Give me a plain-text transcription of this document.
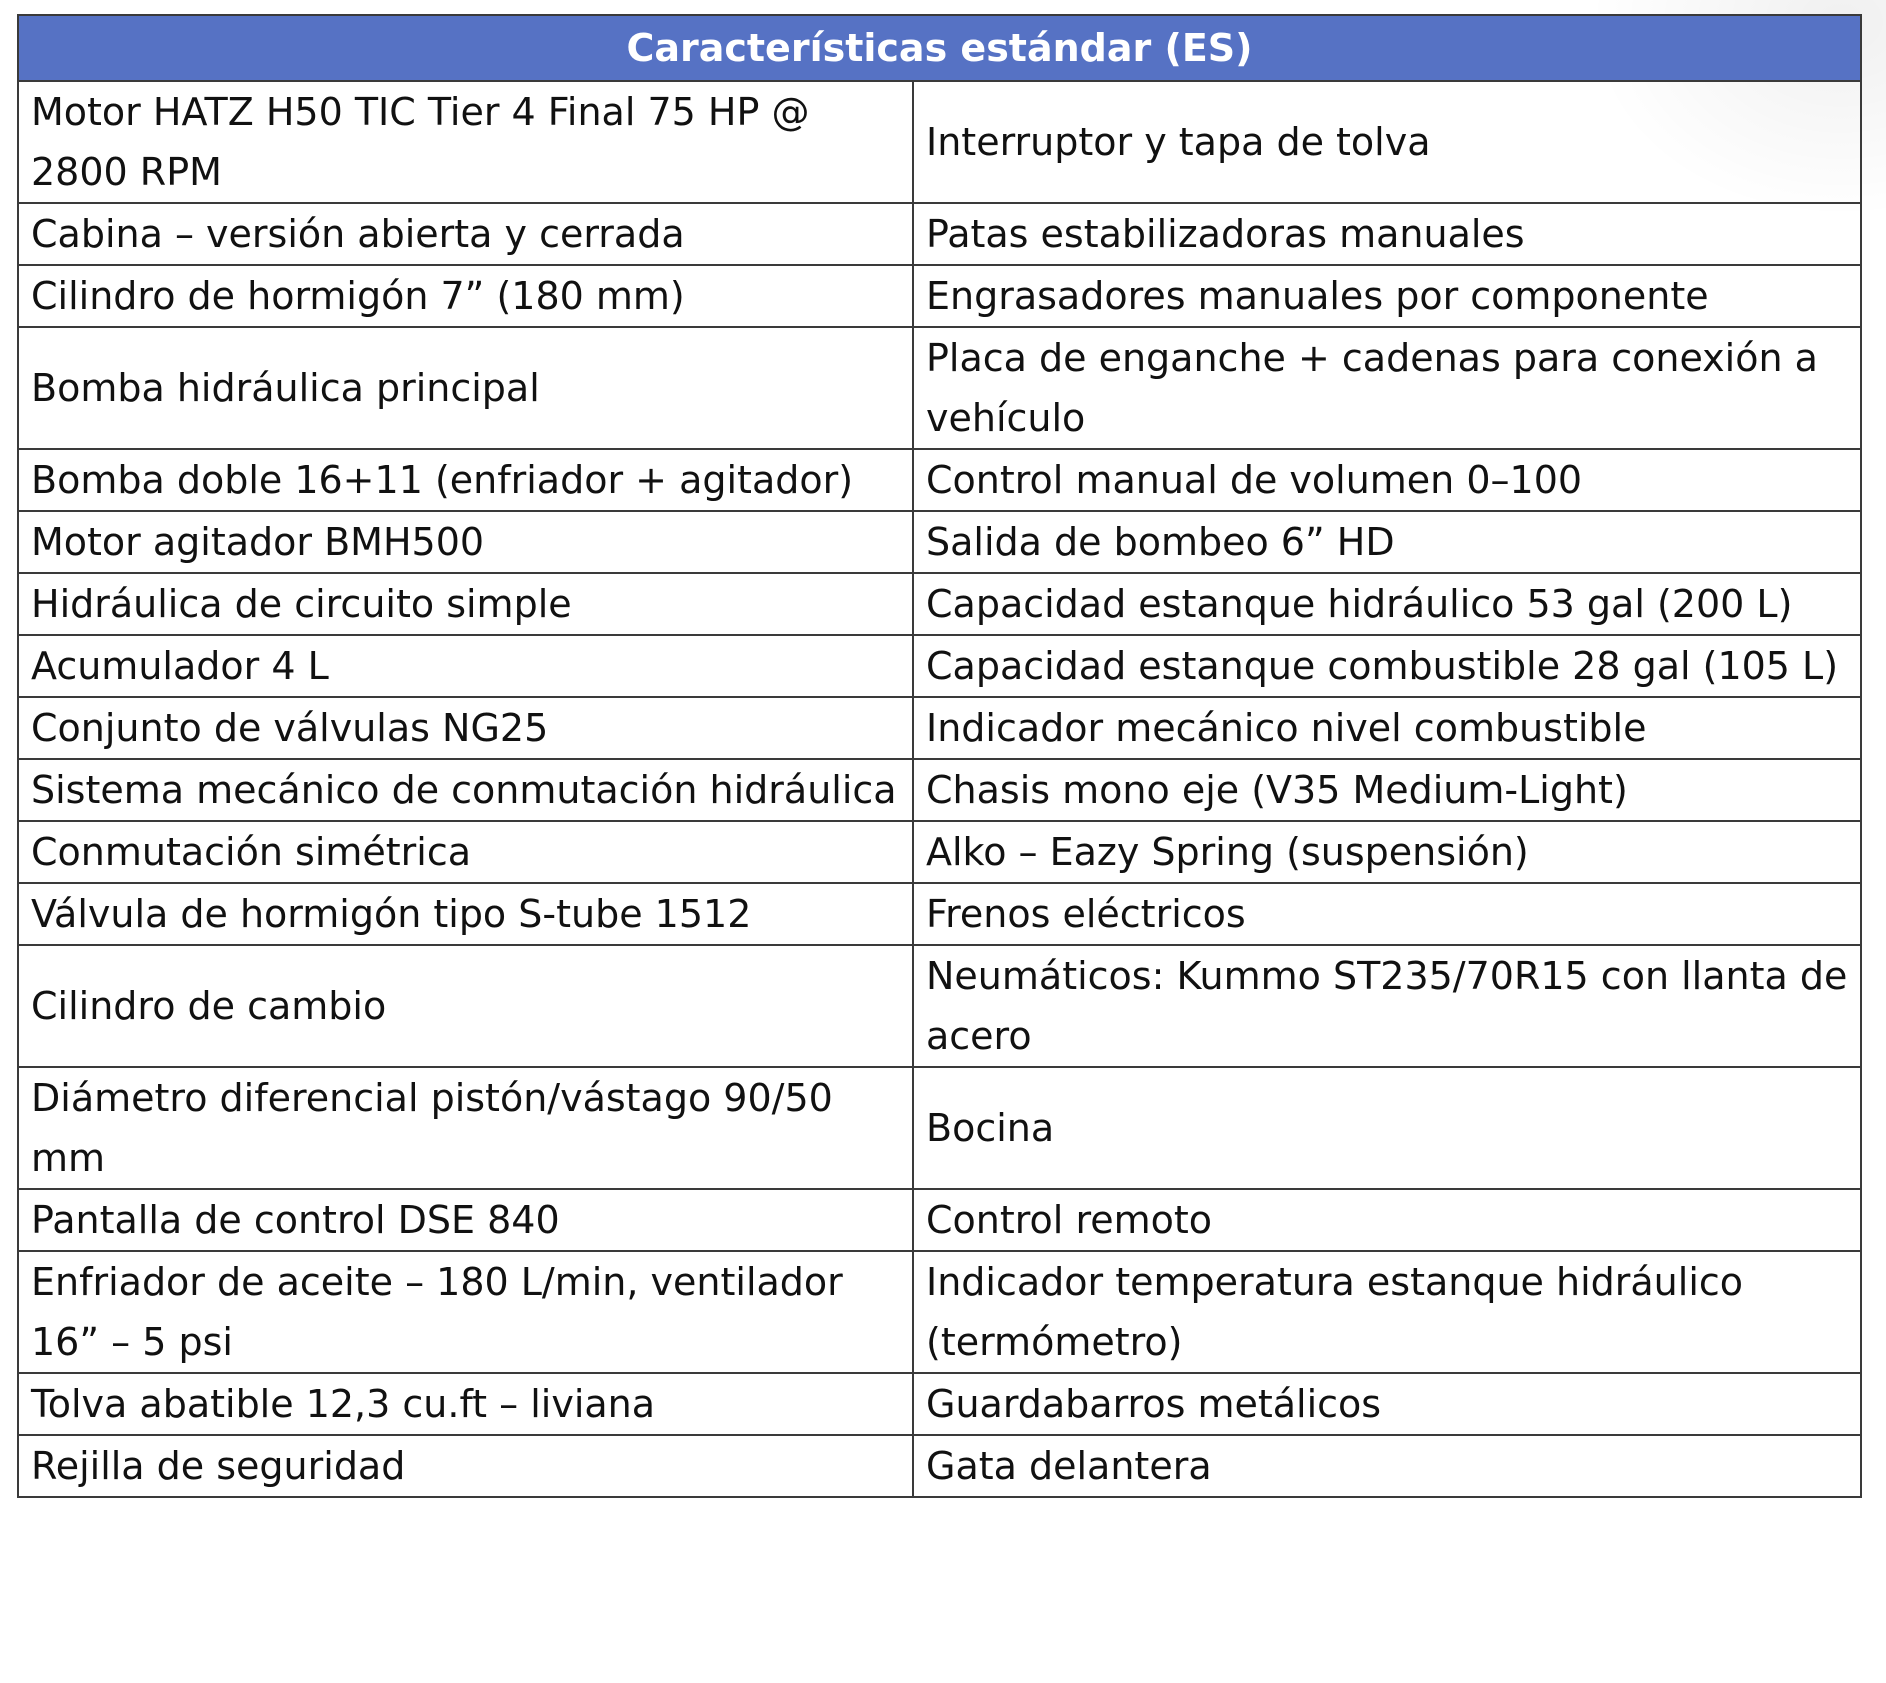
Características estándar (ES)	
Motor HATZ H50 TIC Tier 4 Final 75 HP @ 2800 RPM	Interruptor y tapa de tolva
Cabina – versión abierta y cerrada	Patas estabilizadoras manuales
Cilindro de hormigón 7” (180 mm)	Engrasadores manuales por componente
Bomba hidráulica principal	Placa de enganche + cadenas para conexión a vehículo
Bomba doble 16+11 (enfriador + agitador)	Control manual de volumen 0–100
Motor agitador BMH500	Salida de bombeo 6” HD
Hidráulica de circuito simple	Capacidad estanque hidráulico 53 gal (200 L)
Acumulador 4 L	Capacidad estanque combustible 28 gal (105 L)
Conjunto de válvulas NG25	Indicador mecánico nivel combustible
Sistema mecánico de conmutación hidráulica	Chasis mono eje (V35 Medium-Light)
Conmutación simétrica	Alko – Eazy Spring (suspensión)
Válvula de hormigón tipo S-tube 1512	Frenos eléctricos
Cilindro de cambio	Neumáticos: Kummo ST235/70R15 con llanta de acero
Diámetro diferencial pistón/vástago 90/50 mm	Bocina
Pantalla de control DSE 840	Control remoto
Enfriador de aceite – 180 L/min, ventilador 16” – 5 psi	Indicador temperatura estanque hidráulico (termómetro)
Tolva abatible 12,3 cu.ft – liviana	Guardabarros metálicos
Rejilla de seguridad	Gata delantera
